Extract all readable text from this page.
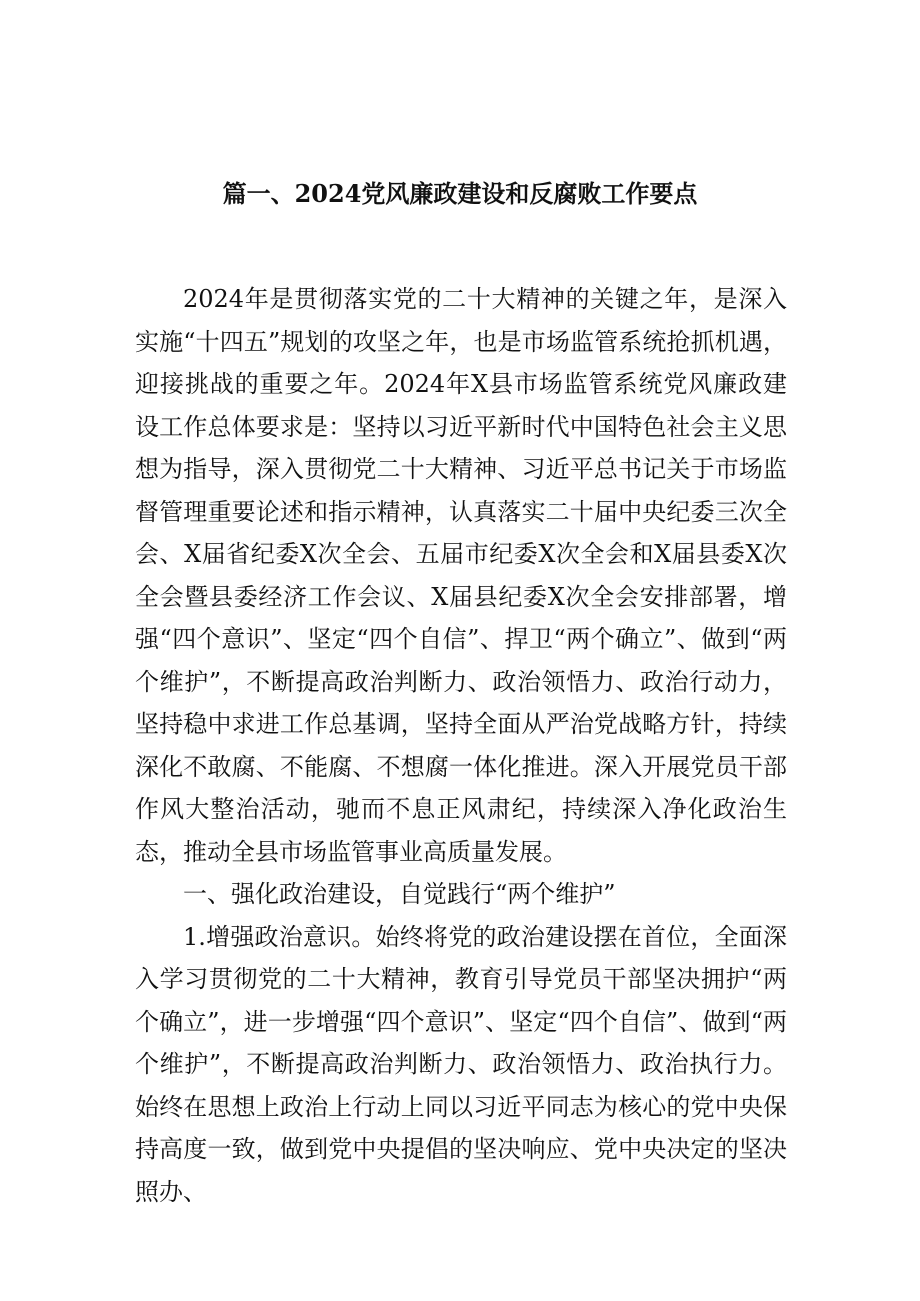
篇一、2024党风廉政建设和反腐败工作要点

2024年是贯彻落实党的二十大精神的关键之年，是深入实施“十四五”规划的攻坚之年，也是市场监管系统抢抓机遇，迎接挑战的重要之年。2024年X县市场监管系统党风廉政建设工作总体要求是：坚持以习近平新时代中国特色社会主义思想为指导，深入贯彻党二十大精神、习近平总书记关于市场监督管理重要论述和指示精神，认真落实二十届中央纪委三次全会、X届省纪委X次全会、五届市纪委X次全会和X届县委X次全会暨县委经济工作会议、X届县纪委X次全会安排部署，增强“四个意识”、坚定“四个自信”、捍卫“两个确立”、做到“两个维护”，不断提高政治判断力、政治领悟力、政治行动力，坚持稳中求进工作总基调，坚持全面从严治党战略方针，持续深化不敢腐、不能腐、不想腐一体化推进。深入开展党员干部作风大整治活动，驰而不息正风肃纪，持续深入净化政治生态，推动全县市场监管事业高质量发展。

一、强化政治建设，自觉践行“两个维护”

1.增强政治意识。始终将党的政治建设摆在首位，全面深入学习贯彻党的二十大精神，教育引导党员干部坚决拥护“两个确立”，进一步增强“四个意识”、坚定“四个自信”、做到“两个维护”，不断提高政治判断力、政治领悟力、政治执行力。始终在思想上政治上行动上同以习近平同志为核心的党中央保持高度一致，做到党中央提倡的坚决响应、党中央决定的坚决照办、
